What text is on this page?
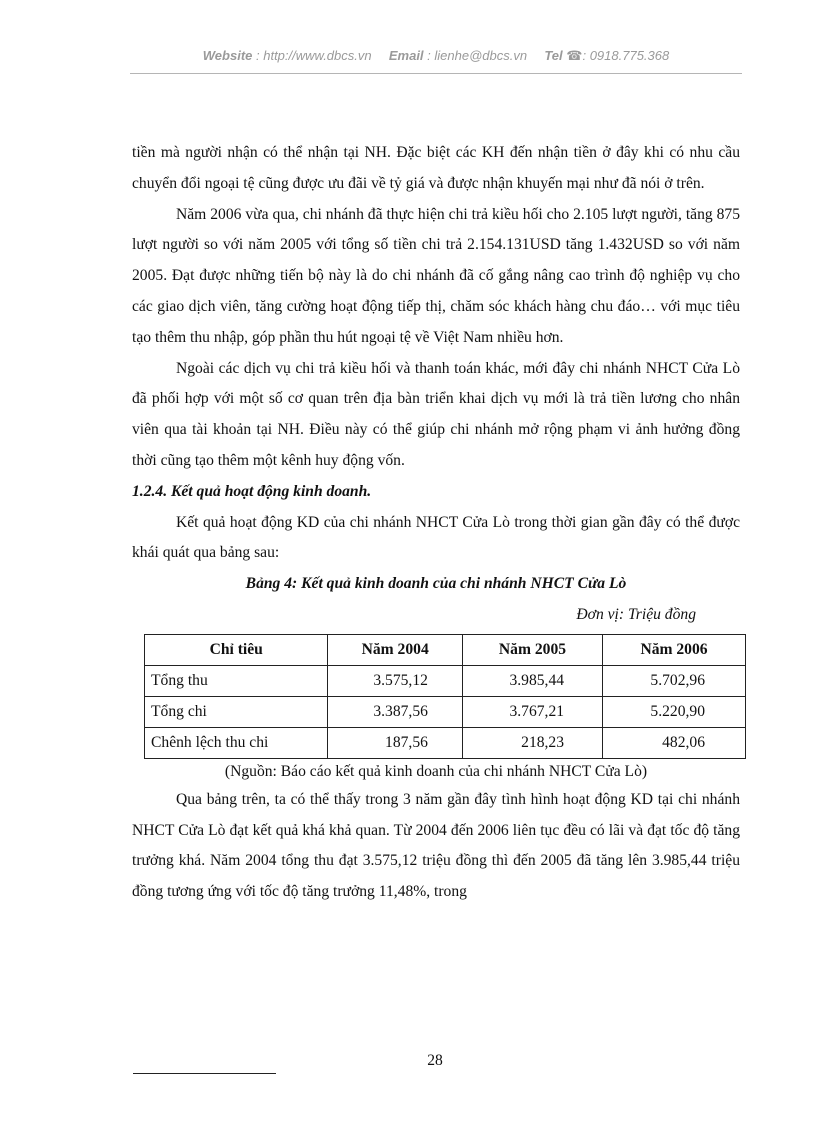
Website : http://www.dbcs.vn Email : lienhe@dbcs.vn Tel ☎: 0918.775.368

tiền mà người nhận có thể nhận tại NH. Đặc biệt các KH đến nhận tiền ở đây khi có nhu cầu chuyển đổi ngoại tệ cũng được ưu đãi về tỷ giá và được nhận khuyến mại như đã nói ở trên.

Năm 2006 vừa qua, chi nhánh đã thực hiện chi trả kiều hối cho 2.105 lượt người, tăng 875 lượt người so với năm 2005 với tổng số tiền chi trả 2.154.131USD tăng 1.432USD so với năm 2005. Đạt được những tiến bộ này là do chi nhánh đã cố gắng nâng cao trình độ nghiệp vụ cho các giao dịch viên, tăng cường hoạt động tiếp thị, chăm sóc khách hàng chu đáo… với mục tiêu tạo thêm thu nhập, góp phần thu hút ngoại tệ về Việt Nam nhiều hơn.

Ngoài các dịch vụ chi trả kiều hối và thanh toán khác, mới đây chi nhánh NHCT Cửa Lò đã phối hợp với một số cơ quan trên địa bàn triển khai dịch vụ mới là trả tiền lương cho nhân viên qua tài khoản tại NH. Điều này có thể giúp chi nhánh mở rộng phạm vi ảnh hưởng đồng thời cũng tạo thêm một kênh huy động vốn.

1.2.4. Kết quả hoạt động kinh doanh.

Kết quả hoạt động KD của chi nhánh NHCT Cửa Lò trong thời gian gần đây có thể được khái quát qua bảng sau:

Bảng 4: Kết quả kinh doanh của chi nhánh NHCT Cửa Lò

Đơn vị: Triệu đồng

Chỉ tiêu	Năm 2004	Năm 2005	Năm 2006
Tổng thu	3.575,12	3.985,44	5.702,96
Tổng chi	3.387,56	3.767,21	5.220,90
Chênh lệch thu chi	187,56	218,23	482,06

(Nguồn: Báo cáo kết quả kinh doanh của chi nhánh NHCT Cửa Lò)

Qua bảng trên, ta có thể thấy trong 3 năm gần đây tình hình hoạt động KD tại chi nhánh NHCT Cửa Lò đạt kết quả khá khả quan. Từ 2004 đến 2006 liên tục đều có lãi và đạt tốc độ tăng trưởng khá. Năm 2004 tổng thu đạt 3.575,12 triệu đồng thì đến 2005 đã tăng lên 3.985,44 triệu đồng tương ứng với tốc độ tăng trưởng 11,48%, trong

28
